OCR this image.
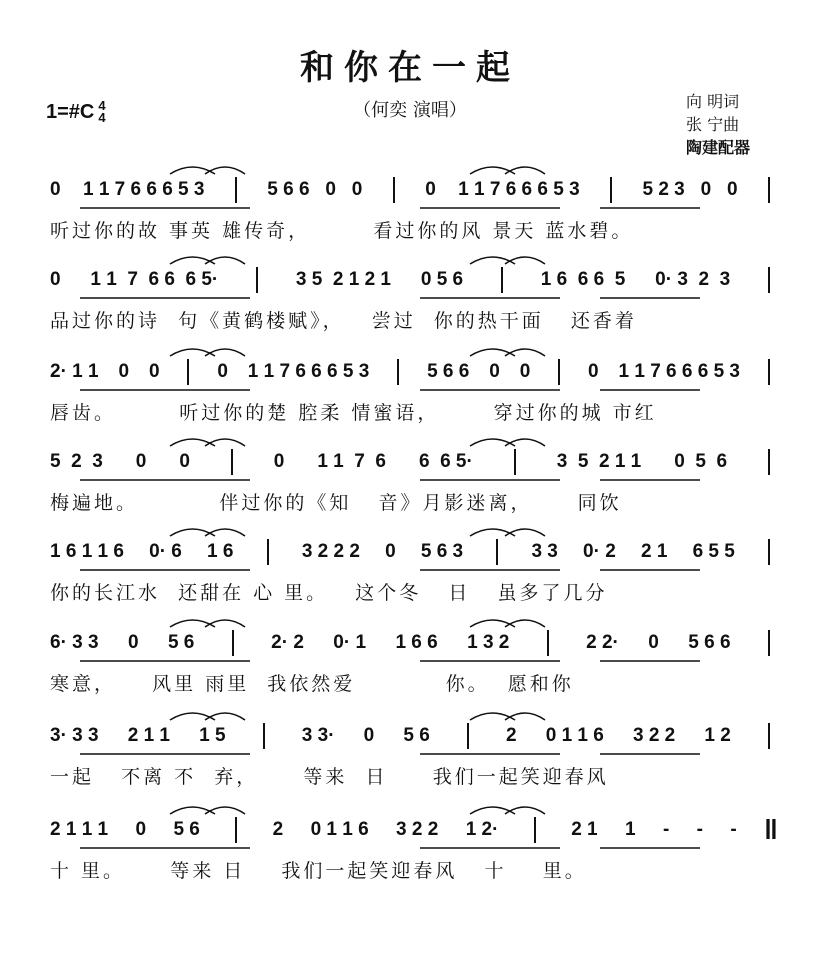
和你在一起
（何奕 演唱）
1=#C 4
4
向 明词
张 宁曲
陶建配器
0 1 1 7 6 6 6 5 3	5 6 6   0   0	0 1 1 7 6 6 6 5 3	5 2 3   0   0
听过你的故 事英 雄传奇，       看过你的风 景天 蓝水碧。
0 1 1  7  6 6  6 5·	3 5  2 1 2 1 0 5 6	1 6  6 6  5 0· 3  2  3
品过你的诗  句《黄鹤楼赋》，   尝过  你的热干面   还香着
2· 1 1 0 0	0 1 1 7 6 6 6 5 3	5 6 6 0 0	0 1 1 7 6 6 6 5 3
唇齿。       听过你的楚 腔柔 情蜜语，      穿过你的城 市红
5  2  3 0 0	0 1 1  7  6 6  6 5·	3  5  2 1 1 0  5  6
梅遍地。         伴过你的《知   音》月影迷离，     同饮
1 6 1 1 6 0· 6 1 6	3 2 2 2 0 5 6 3	3 3 0· 2 2 1 6 5 5
你的长江水  还甜在 心 里。   这个冬   日   虽多了几分
6· 3 3 0 5 6	2· 2 0· 1 1 6 6 1 3 2	2 2· 0 5 6 6
寒意，    风里 雨里  我依然爱          你。  愿和你
3· 3 3 2 1 1 1 5	3 3· 0 5 6	2 0 1 1 6 3 2 2 1 2
一起   不离 不  弃，     等来  日     我们一起笑迎春风
2 1 1 1 0 5 6	2 0 1 1 6 3 2 2 1 2·	2 1 1 - - - ‖
十 里。     等来 日    我们一起笑迎春风   十    里。
